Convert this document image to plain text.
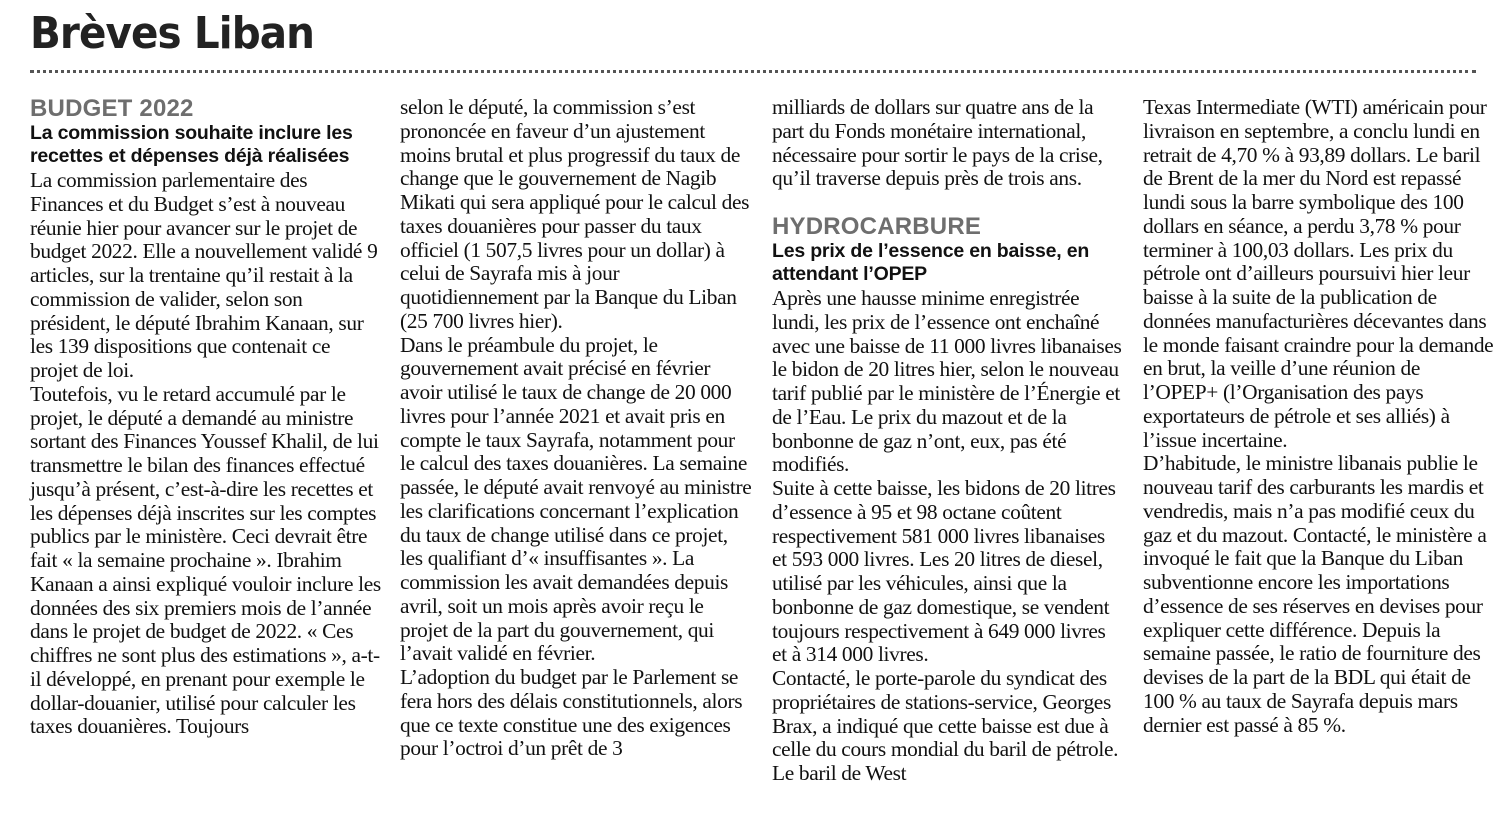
Brèves Liban
BUDGET 2022
La commission souhaite inclure les recettes et dépenses déjà réalisées

La commission parlementaire des Finances et du Budget s’est à nouveau réunie hier pour avancer sur le projet de budget 2022. Elle a nouvellement validé 9 articles, sur la trentaine qu’il restait à la commission de valider, selon son président, le député Ibrahim Kanaan, sur les 139 dispositions que contenait ce projet de loi.

Toutefois, vu le retard accumulé par le projet, le député a demandé au ministre sortant des Finances Youssef Khalil, de lui transmettre le bilan des finances effectué jusqu’à présent, c’est-à-dire les recettes et les dépenses déjà inscrites sur les comptes publics par le ministère. Ceci devrait être fait « la semaine prochaine ». Ibrahim Kanaan a ainsi expliqué vouloir inclure les données des six premiers mois de l’année dans le projet de budget de 2022. « Ces chiffres ne sont plus des estimations », a-t-il développé, en prenant pour exemple le dollar-douanier, utilisé pour calculer les taxes douanières. Toujours

selon le député, la commission s’est prononcée en faveur d’un ajustement moins brutal et plus progressif du taux de change que le gouvernement de Nagib Mikati qui sera appliqué pour le calcul des taxes douanières pour passer du taux officiel (1 507,5 livres pour un dollar) à celui de Sayrafa mis à jour quotidiennement par la Banque du Liban (25 700 livres hier).

Dans le préambule du projet, le gouvernement avait précisé en février avoir utilisé le taux de change de 20 000 livres pour l’année 2021 et avait pris en compte le taux Sayrafa, notamment pour le calcul des taxes douanières. La semaine passée, le député avait renvoyé au ministre les clarifications concernant l’explication du taux de change utilisé dans ce projet, les qualifiant d’« insuffisantes ». La commission les avait demandées depuis avril, soit un mois après avoir reçu le projet de la part du gouvernement, qui l’avait validé en février.

L’adoption du budget par le Parlement se fera hors des délais constitutionnels, alors que ce texte constitue une des exigences pour l’octroi d’un prêt de 3

milliards de dollars sur quatre ans de la part du Fonds monétaire international, nécessaire pour sortir le pays de la crise, qu’il traverse depuis près de trois ans.

HYDROCARBURE
Les prix de l’essence en baisse, en attendant l’OPEP

Après une hausse minime enregistrée lundi, les prix de l’essence ont enchaîné avec une baisse de 11 000 livres libanaises le bidon de 20 litres hier, selon le nouveau tarif publié par le ministère de l’Énergie et de l’Eau. Le prix du mazout et de la bonbonne de gaz n’ont, eux, pas été modifiés.

Suite à cette baisse, les bidons de 20 litres d’essence à 95 et 98 octane coûtent respectivement 581 000 livres libanaises et 593 000 livres. Les 20 litres de diesel, utilisé par les véhicules, ainsi que la bonbonne de gaz domestique, se vendent toujours respectivement à 649 000 livres et à 314 000 livres.

Contacté, le porte-parole du syndicat des propriétaires de stations-service, Georges Brax, a indiqué que cette baisse est due à celle du cours mondial du baril de pétrole. Le baril de West

Texas Intermediate (WTI) américain pour livraison en septembre, a conclu lundi en retrait de 4,70 % à 93,89 dollars. Le baril de Brent de la mer du Nord est repassé lundi sous la barre symbolique des 100 dollars en séance, a perdu 3,78 % pour terminer à 100,03 dollars. Les prix du pétrole ont d’ailleurs poursuivi hier leur baisse à la suite de la publication de données manufacturières décevantes dans le monde faisant craindre pour la demande en brut, la veille d’une réunion de l’OPEP+ (l’Organisation des pays exportateurs de pétrole et ses alliés) à l’issue incertaine.

D’habitude, le ministre libanais publie le nouveau tarif des carburants les mardis et vendredis, mais n’a pas modifié ceux du gaz et du mazout. Contacté, le ministère a invoqué le fait que la Banque du Liban subventionne encore les importations d’essence de ses réserves en devises pour expliquer cette différence. Depuis la semaine passée, le ratio de fourniture des devises de la part de la BDL qui était de 100 % au taux de Sayrafa depuis mars dernier est passé à 85 %.
